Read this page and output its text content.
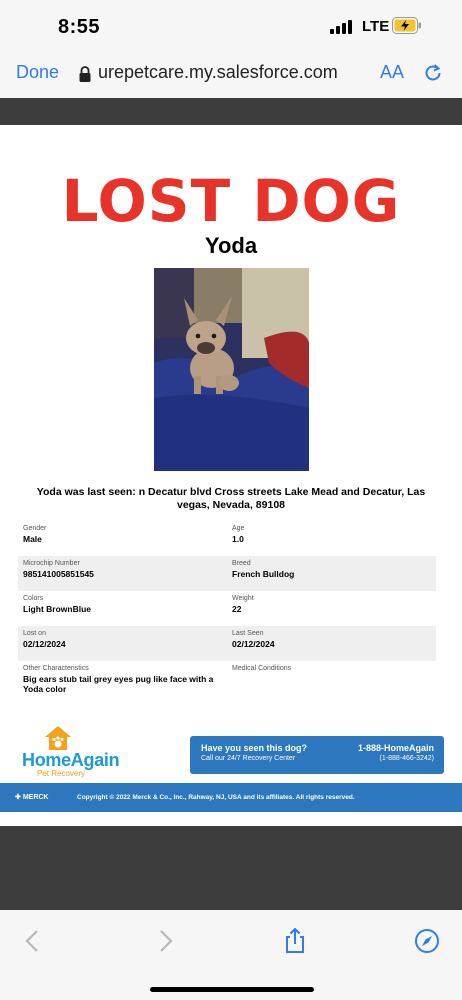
8:55	LTE
Done urepetcare.my.salesforce.com AA
LOST DOG
Yoda
Yoda was last seen: n Decatur blvd Cross streets Lake Mead and Decatur, Las vegas, Nevada, 89108
Gender
Male
Age
1.0
Microchip Number
985141005851545
Breed
French Bulldog
Colors
Light BrownBlue
Weight
22
Lost on
02/12/2024
Last Seen
02/12/2024
Other Characteristics
Big ears stub tail grey eyes pug like face with a Yoda color
Medical Conditions
HomeAgain
Pet Recovery
Have you seen this dog?
Call our 24/7 Recovery Center
1-888-HomeAgain
(1-888-466-3242)
✚ MERCK	Copyright © 2022 Merck & Co., Inc., Rahway, NJ, USA and its affiliates. All rights reserved.
